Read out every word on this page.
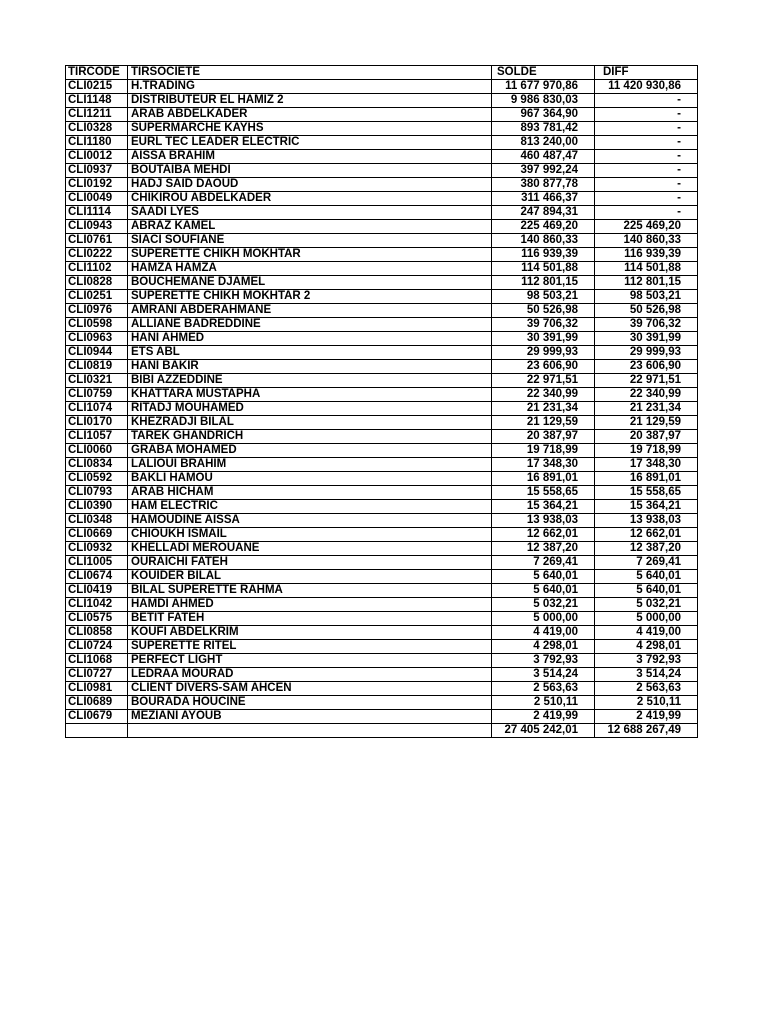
TIRCODE	TIRSOCIETE	SOLDE	DIFF
CLI0215	H.TRADING	11 677 970,86	11 420 930,86
CLI1148	DISTRIBUTEUR EL HAMIZ 2	9 986 830,03	-
CLI1211	ARAB ABDELKADER	967 364,90	-
CLI0328	SUPERMARCHE KAYHS	893 781,42	-
CLI1180	EURL TEC LEADER ELECTRIC	813 240,00	-
CLI0012	AISSA BRAHIM	460 487,47	-
CLI0937	BOUTAIBA MEHDI	397 992,24	-
CLI0192	HADJ SAID DAOUD	380 877,78	-
CLI0049	CHIKIROU ABDELKADER	311 466,37	-
CLI1114	SAADI LYES	247 894,31	-
CLI0943	ABRAZ KAMEL	225 469,20	225 469,20
CLI0761	SIACI SOUFIANE	140 860,33	140 860,33
CLI0222	SUPERETTE CHIKH MOKHTAR	116 939,39	116 939,39
CLI1102	HAMZA HAMZA	114 501,88	114 501,88
CLI0828	BOUCHEMANE DJAMEL	112 801,15	112 801,15
CLI0251	SUPERETTE CHIKH MOKHTAR 2	98 503,21	98 503,21
CLI0976	AMRANI ABDERAHMANE	50 526,98	50 526,98
CLI0598	ALLIANE BADREDDINE	39 706,32	39 706,32
CLI0963	HANI AHMED	30 391,99	30 391,99
CLI0944	ETS ABL	29 999,93	29 999,93
CLI0819	HANI BAKIR	23 606,90	23 606,90
CLI0321	BIBI AZZEDDINE	22 971,51	22 971,51
CLI0759	KHATTARA MUSTAPHA	22 340,99	22 340,99
CLI1074	RITADJ MOUHAMED	21 231,34	21 231,34
CLI0170	KHEZRADJI BILAL	21 129,59	21 129,59
CLI1057	TAREK GHANDRICH	20 387,97	20 387,97
CLI0060	GRABA MOHAMED	19 718,99	19 718,99
CLI0834	LALIOUI BRAHIM	17 348,30	17 348,30
CLI0592	BAKLI HAMOU	16 891,01	16 891,01
CLI0793	ARAB HICHAM	15 558,65	15 558,65
CLI0390	HAM ELECTRIC	15 364,21	15 364,21
CLI0348	HAMOUDINE AISSA	13 938,03	13 938,03
CLI0669	CHIOUKH ISMAIL	12 662,01	12 662,01
CLI0932	KHELLADI MEROUANE	12 387,20	12 387,20
CLI1005	OURAICHI FATEH	7 269,41	7 269,41
CLI0674	KOUIDER BILAL	5 640,01	5 640,01
CLI0419	BILAL SUPERETTE RAHMA	5 640,01	5 640,01
CLI1042	HAMDI AHMED	5 032,21	5 032,21
CLI0575	BETIT FATEH	5 000,00	5 000,00
CLI0858	KOUFI ABDELKRIM	4 419,00	4 419,00
CLI0724	SUPERETTE RITEL	4 298,01	4 298,01
CLI1068	PERFECT LIGHT	3 792,93	3 792,93
CLI0727	LEDRAA MOURAD	3 514,24	3 514,24
CLI0981	CLIENT DIVERS-SAM AHCEN	2 563,63	2 563,63
CLI0689	BOURADA HOUCINE	2 510,11	2 510,11
CLI0679	MEZIANI AYOUB	2 419,99	2 419,99
		27 405 242,01	12 688 267,49
